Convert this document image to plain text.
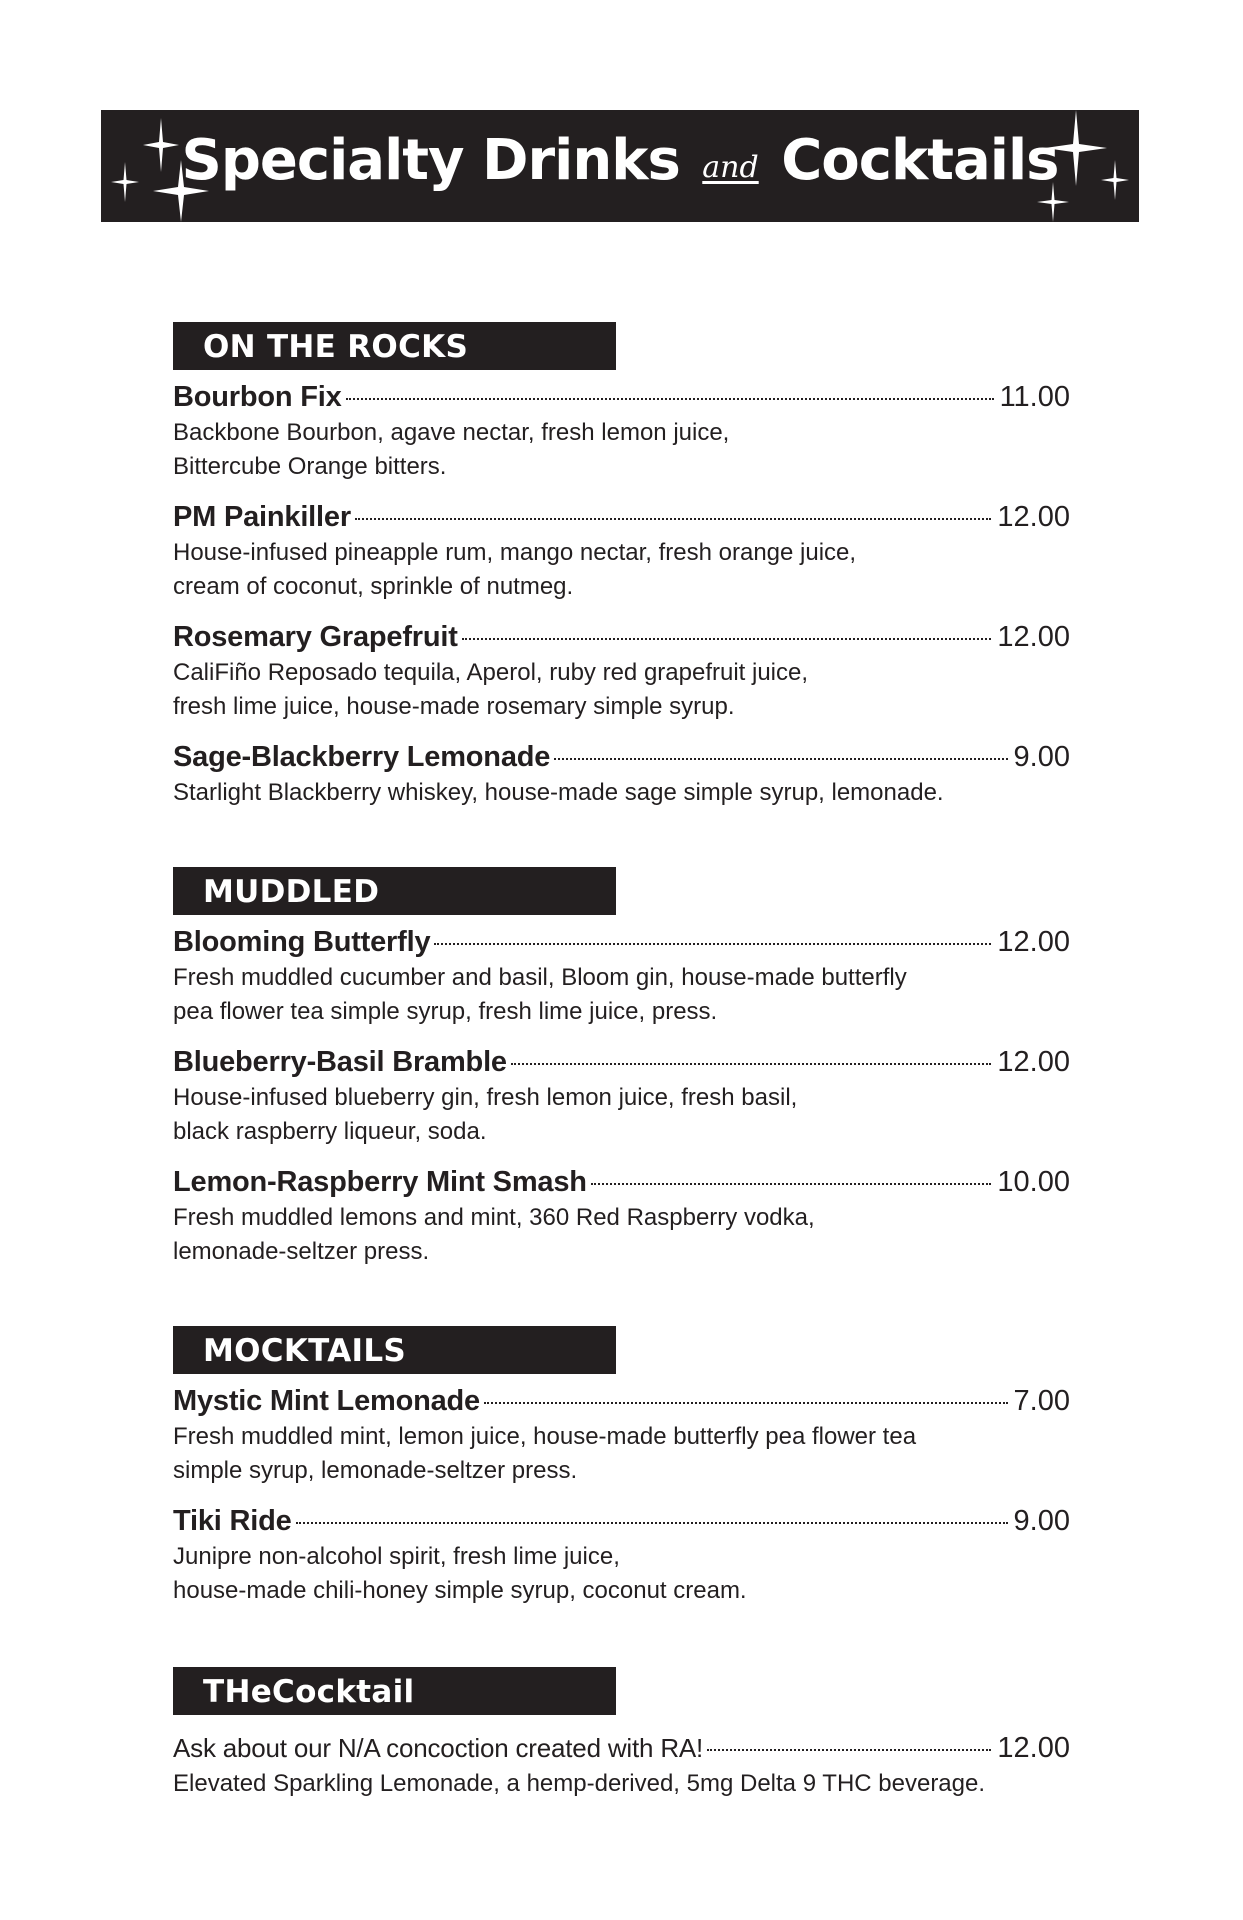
Specialty Drinks and Cocktails
ON THE ROCKS
Bourbon Fix	11.00
Backbone Bourbon, agave nectar, fresh lemon juice,
Bittercube Orange bitters.
PM Painkiller	12.00
House-infused pineapple rum, mango nectar, fresh orange juice,
cream of coconut, sprinkle of nutmeg.
Rosemary Grapefruit	12.00
CaliFiño Reposado tequila, Aperol, ruby red grapefruit juice,
fresh lime juice, house-made rosemary simple syrup.
Sage-Blackberry Lemonade	9.00
Starlight Blackberry whiskey, house-made sage simple syrup, lemonade.
MUDDLED
Blooming Butterfly	12.00
Fresh muddled cucumber and basil, Bloom gin, house-made butterfly
pea flower tea simple syrup, fresh lime juice, press.
Blueberry-Basil Bramble	12.00
House-infused blueberry gin, fresh lemon juice, fresh basil,
black raspberry liqueur, soda.
Lemon-Raspberry Mint Smash	10.00
Fresh muddled lemons and mint, 360 Red Raspberry vodka,
lemonade-seltzer press.
MOCKTAILS
Mystic Mint Lemonade	7.00
Fresh muddled mint, lemon juice, house-made butterfly pea flower tea
simple syrup, lemonade-seltzer press.
Tiki Ride	9.00
Junipre non-alcohol spirit, fresh lime juice,
house-made chili-honey simple syrup, coconut cream.
THeCocktail
Ask about our N/A concoction created with RA!	12.00
Elevated Sparkling Lemonade, a hemp-derived, 5mg Delta 9 THC beverage.
